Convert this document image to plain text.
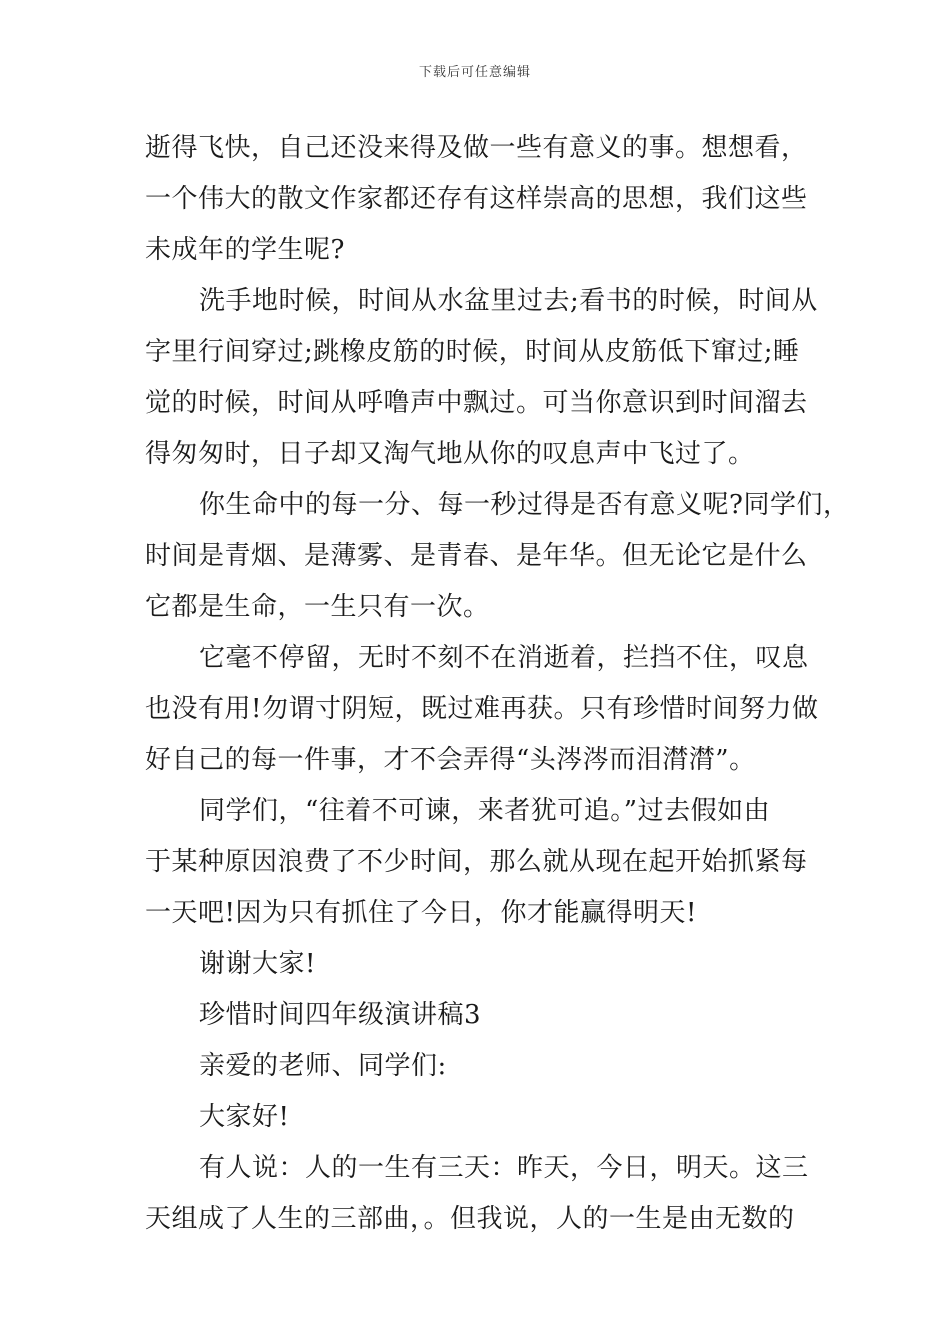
下载后可任意编辑
逝得飞快，自己还没来得及做一些有意义的事。想想看，
一个伟大的散文作家都还存有这样崇高的思想，我们这些
未成年的学生呢?
洗手地时候，时间从水盆里过去;看书的时候，时间从
字里行间穿过;跳橡皮筋的时候，时间从皮筋低下窜过;睡
觉的时候，时间从呼噜声中飘过。可当你意识到时间溜去
得匆匆时，日子却又淘气地从你的叹息声中飞过了。
你生命中的每一分、每一秒过得是否有意义呢?同学们，
时间是青烟、是薄雾、是青春、是年华。但无论它是什么
它都是生命，一生只有一次。
它毫不停留，无时不刻不在消逝着，拦挡不住，叹息
也没有用!勿谓寸阴短，既过难再获。只有珍惜时间努力做
好自己的每一件事，才不会弄得“头涔涔而泪潸潸”。
同学们，“往着不可谏，来者犹可追。”过去假如由
于某种原因浪费了不少时间，那么就从现在起开始抓紧每
一天吧!因为只有抓住了今日，你才能赢得明天!
谢谢大家!
珍惜时间四年级演讲稿3
亲爱的老师、同学们:
大家好!
有人说：人的一生有三天：昨天，今日，明天。这三
天组成了人生的三部曲，。但我说，人的一生是由无数的
